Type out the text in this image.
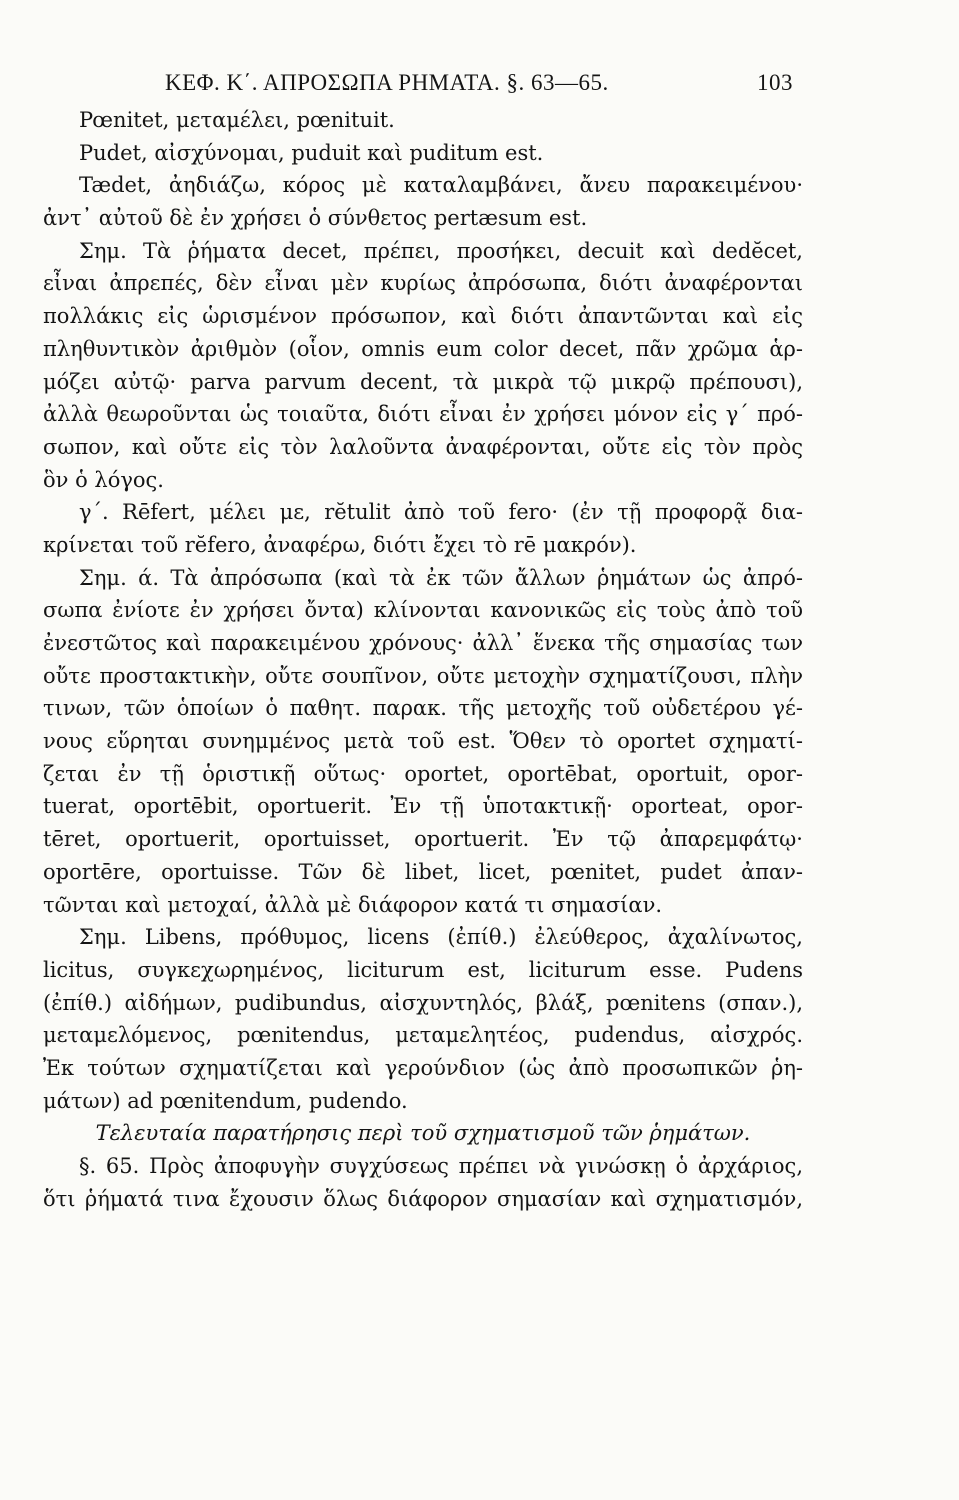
ΚΕΦ. Κ΄. ΑΠΡΟΣΩΠΑ ΡΗΜΑΤΑ. §. 63—65.	103
Pœnitet, μεταμέλει, pœnituit.
Pudet, αἰσχύνομαι, puduit καὶ puditum est.
Tædet, ἀηδιάζω, κόρος μὲ καταλαμβάνει, ἄνευ παρακειμένου·
ἀντ᾽ αὐτοῦ δὲ ἐν χρήσει ὁ σύνθετος pertæsum est.
Σημ. Τὰ ῥήματα decet, πρέπει, προσήκει, decuit καὶ dedĕcet,
εἶναι ἀπρεπές, δὲν εἶναι μὲν κυρίως ἀπρόσωπα, διότι ἀναφέρονται
πολλάκις εἰς ὡρισμένον πρόσωπον, καὶ διότι ἀπαντῶνται καὶ εἰς
πληθυντικὸν ἀριθμὸν (οἷον, omnis eum color decet, πᾶν χρῶμα ἁρ-
μόζει αὐτῷ· parva parvum decent, τὰ μικρὰ τῷ μικρῷ πρέπουσι),
ἀλλὰ θεωροῦνται ὡς τοιαῦτα, διότι εἶναι ἐν χρήσει μόνον εἰς γ΄ πρό-
σωπον, καὶ οὔτε εἰς τὸν λαλοῦντα ἀναφέρονται, οὔτε εἰς τὸν πρὸς
ὃν ὁ λόγος.
γ΄. Rēfert, μέλει με, rĕtulit ἀπὸ τοῦ fero· (ἐν τῇ προφορᾷ δια-
κρίνεται τοῦ rĕfero, ἀναφέρω, διότι ἔχει τὸ rē μακρόν).
Σημ. ά. Τὰ ἀπρόσωπα (καὶ τὰ ἐκ τῶν ἄλλων ῥημάτων ὡς ἀπρό-
σωπα ἐνίοτε ἐν χρήσει ὄντα) κλίνονται κανονικῶς εἰς τοὺς ἀπὸ τοῦ
ἐνεστῶτος καὶ παρακειμένου χρόνους· ἀλλ᾽ ἕνεκα τῆς σημασίας των
οὔτε προστακτικὴν, οὔτε σουπῖνον, οὔτε μετοχὴν σχηματίζουσι, πλὴν
τινων, τῶν ὁποίων ὁ παθητ. παρακ. τῆς μετοχῆς τοῦ οὐδετέρου γέ-
νους εὕρηται συνημμένος μετὰ τοῦ est. Ὅθεν τὸ oportet σχηματί-
ζεται ἐν τῇ ὁριστικῇ οὕτως· oportet, oportēbat, oportuit, opor-
tuerat, oportēbit, oportuerit. Ἐν τῇ ὑποτακτικῇ· oporteat, opor-
tēret, oportuerit, oportuisset, oportuerit. Ἐν τῷ ἀπαρεμφάτῳ·
oportēre, oportuisse. Τῶν δὲ libet, licet, pœnitet, pudet ἀπαν-
τῶνται καὶ μετοχαί, ἀλλὰ μὲ διάφορον κατά τι σημασίαν.
Σημ. Libens, πρόθυμος, licens (ἐπίθ.) ἐλεύθερος, ἀχαλίνωτος,
licitus, συγκεχωρημένος, liciturum est, liciturum esse. Pudens
(ἐπίθ.) αἰδήμων, pudibundus, αἰσχυντηλός, βλάξ, pœnitens (σπαν.),
μεταμελόμενος, pœnitendus, μεταμελητέος, pudendus, αἰσχρός.
Ἐκ τούτων σχηματίζεται καὶ γερούνδιον (ὡς ἀπὸ προσωπικῶν ῥη-
μάτων) ad pœnitendum, pudendo.
Τελευταία παρατήρησις περὶ τοῦ σχηματισμοῦ τῶν ῥημάτων.
§. 65. Πρὸς ἀποφυγὴν συγχύσεως πρέπει νὰ γινώσκῃ ὁ ἀρχάριος,
ὅτι ῥήματά τινα ἔχουσιν ὅλως διάφορον σημασίαν καὶ σχηματισμόν,
